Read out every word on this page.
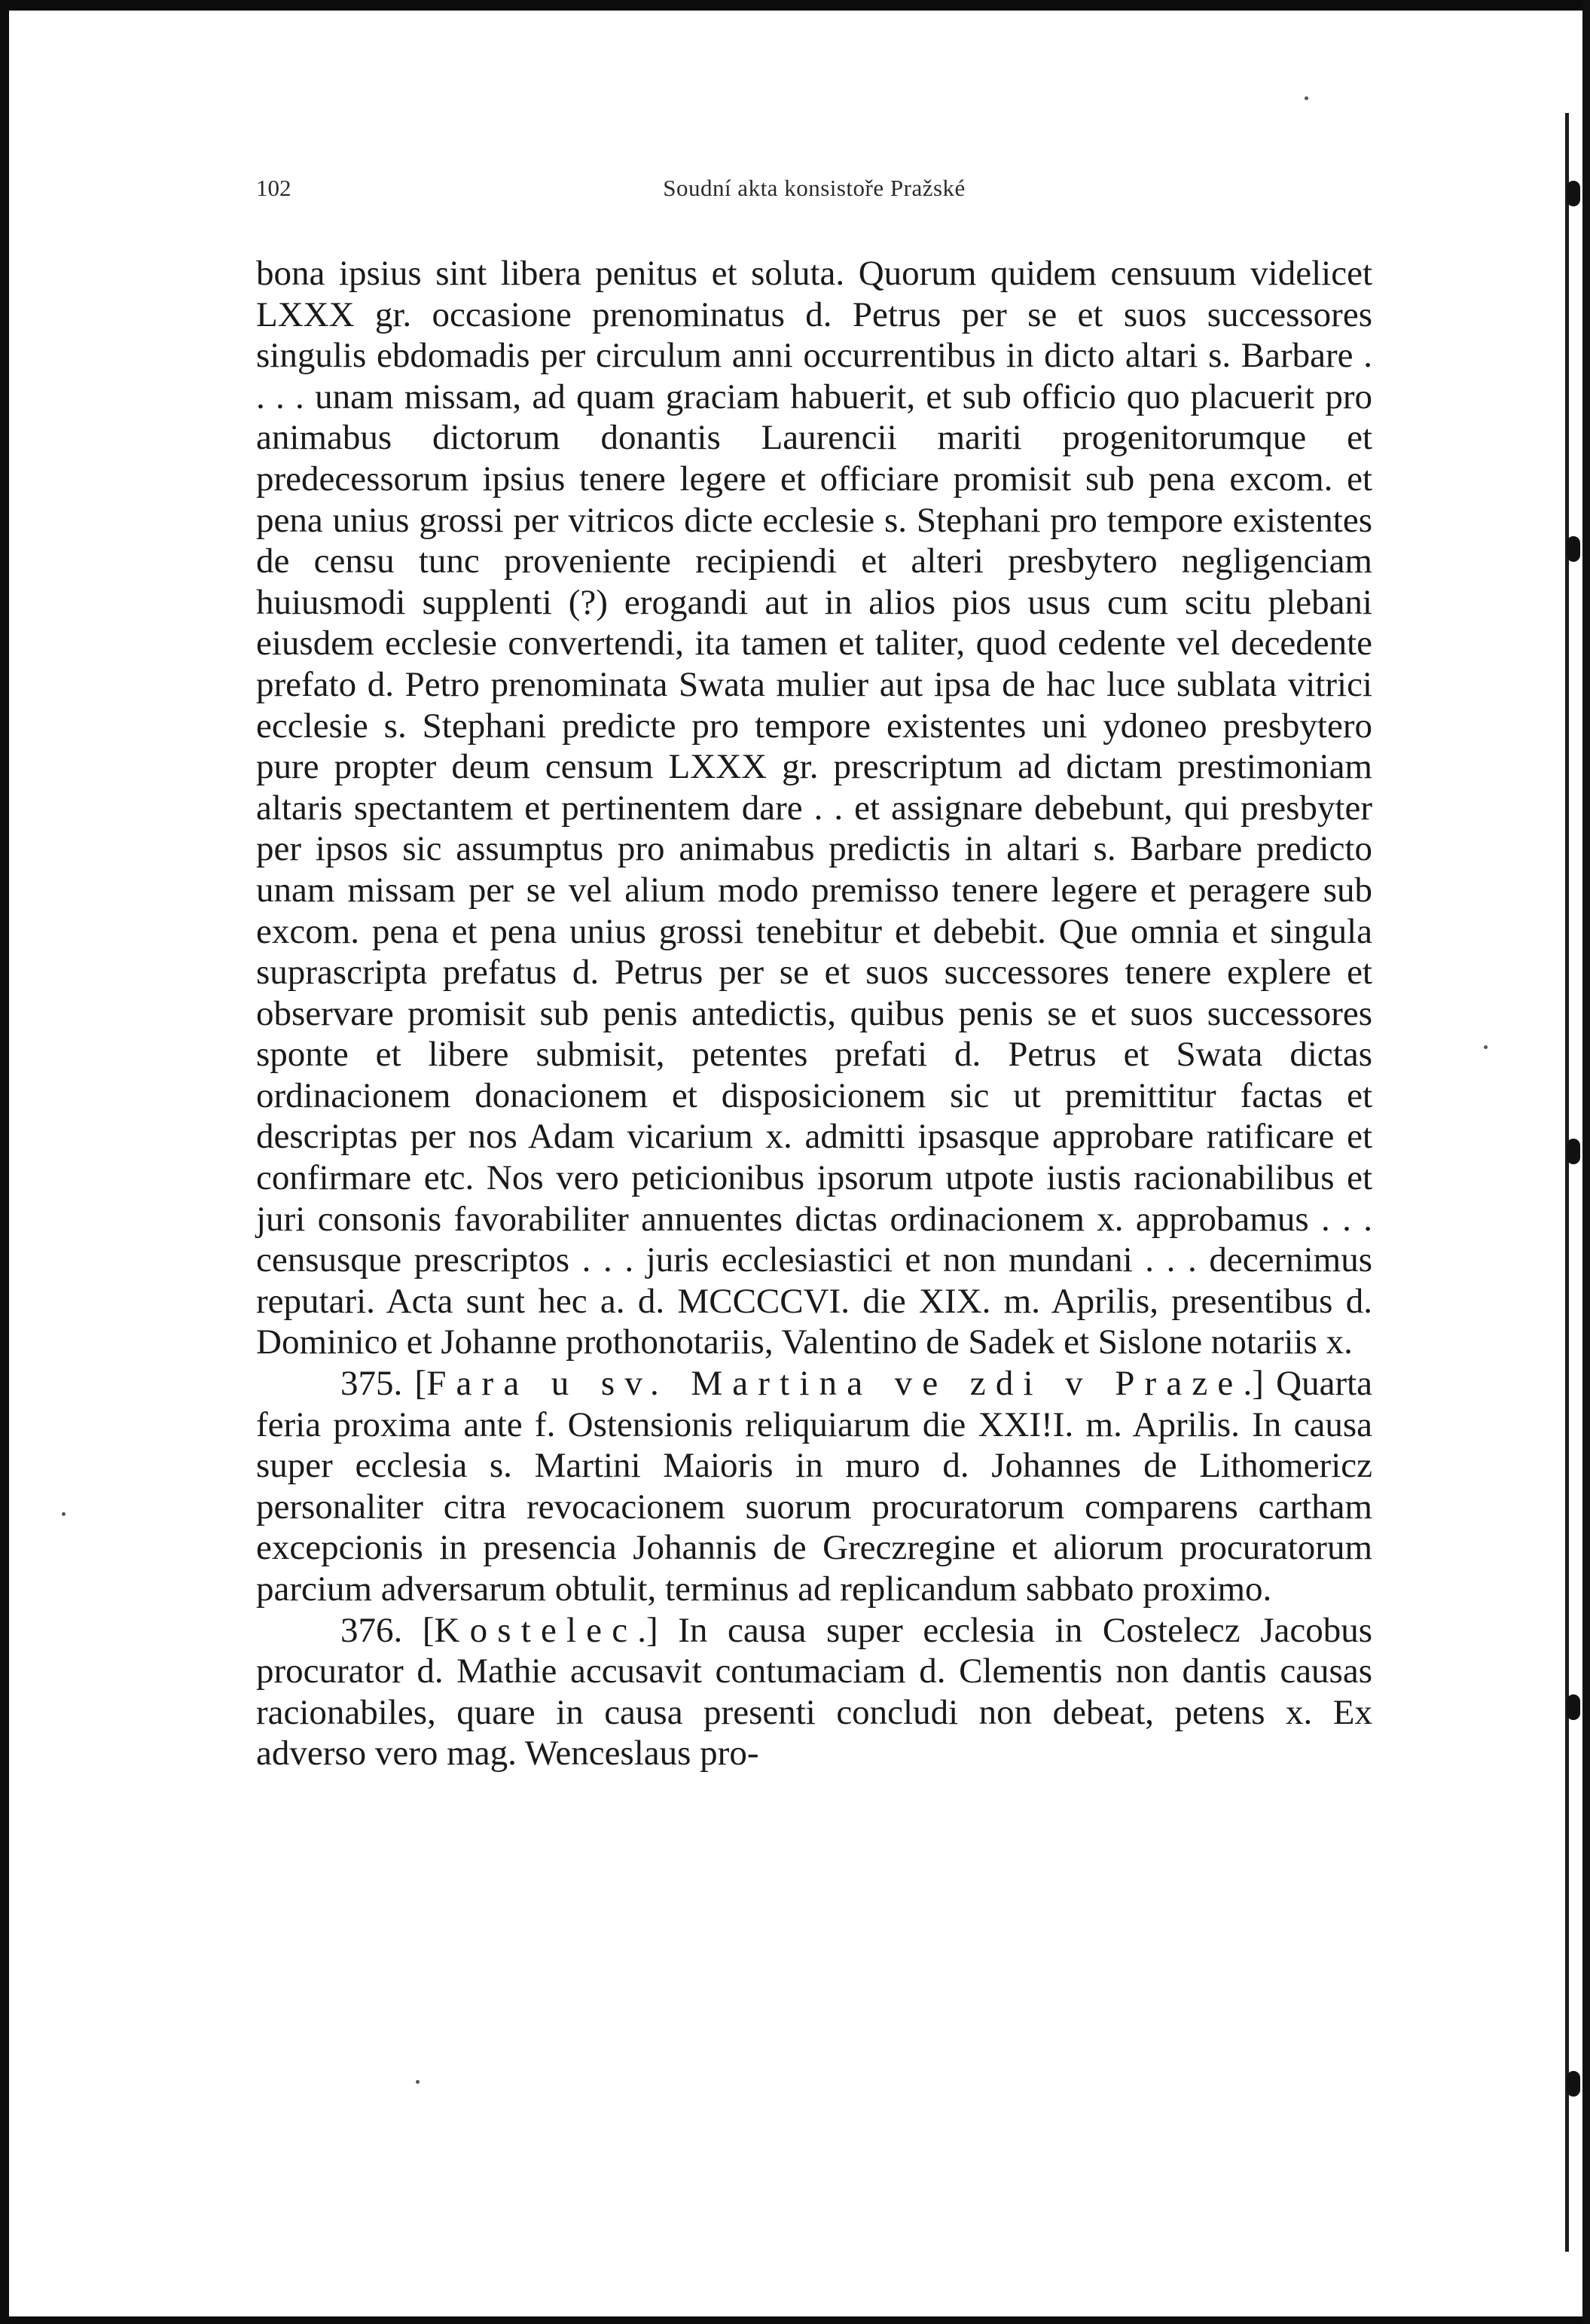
102	Soudní akta konsistoře Pražské

bona ipsius sint libera penitus et soluta. Quorum quidem censuum videlicet LXXX gr. occasione prenominatus d. Petrus per se et suos successores singulis ebdomadis per circulum anni occurrentibus in dicto altari s. Barbare . . . . unam missam, ad quam graciam habuerit, et sub officio quo placuerit pro animabus dictorum donantis Laurencii mariti progenitorumque et predecessorum ipsius tenere legere et officiare promisit sub pena excom. et pena unius grossi per vitricos dicte ecclesie s. Stephani pro tempore existentes de censu tunc proveniente recipiendi et alteri presbytero negligenciam huiusmodi supplenti (?) erogandi aut in alios pios usus cum scitu plebani eiusdem ecclesie convertendi, ita tamen et taliter, quod cedente vel decedente prefato d. Petro prenominata Swata mulier aut ipsa de hac luce sublata vitrici ecclesie s. Stephani predicte pro tempore existentes uni ydoneo presbytero pure propter deum censum LXXX gr. prescriptum ad dictam prestimoniam altaris spectantem et pertinentem dare . . et assignare debebunt, qui presbyter per ipsos sic assumptus pro animabus predictis in altari s. Barbare predicto unam missam per se vel alium modo premisso tenere legere et peragere sub excom. pena et pena unius grossi tenebitur et debebit. Que omnia et singula suprascripta prefatus d. Petrus per se et suos successores tenere explere et observare promisit sub penis antedictis, quibus penis se et suos successores sponte et libere submisit, petentes prefati d. Petrus et Swata dictas ordinacionem donacionem et disposicionem sic ut premittitur factas et descriptas per nos Adam vicarium x. admitti ipsasque approbare ratificare et confirmare etc. Nos vero peticionibus ipsorum utpote iustis racionabilibus et juri consonis favorabiliter annuentes dictas ordinacionem x. approbamus . . . censusque prescriptos . . . juris ecclesiastici et non mundani . . . decernimus reputari. Acta sunt hec a. d. MCCCCVI. die XIX. m. Aprilis, presentibus d. Dominico et Johanne prothonotariis, Valentino de Sadek et Sislone notariis x.

375. [Fara u sv. Martina ve zdi v Praze.] Quarta feria proxima ante f. Ostensionis reliquiarum die XXI!I. m. Aprilis. In causa super ecclesia s. Martini Maioris in muro d. Johannes de Lithomericz personaliter citra revocacionem suorum procuratorum comparens cartham excepcionis in presencia Johannis de Greczregine et aliorum procuratorum parcium adversarum obtulit, terminus ad replicandum sabbato proximo.

376. [Kostelec.] In causa super ecclesia in Costelecz Jacobus procurator d. Mathie accusavit contumaciam d. Clementis non dantis causas racionabiles, quare in causa presenti concludi non debeat, petens x. Ex adverso vero mag. Wenceslaus pro-
